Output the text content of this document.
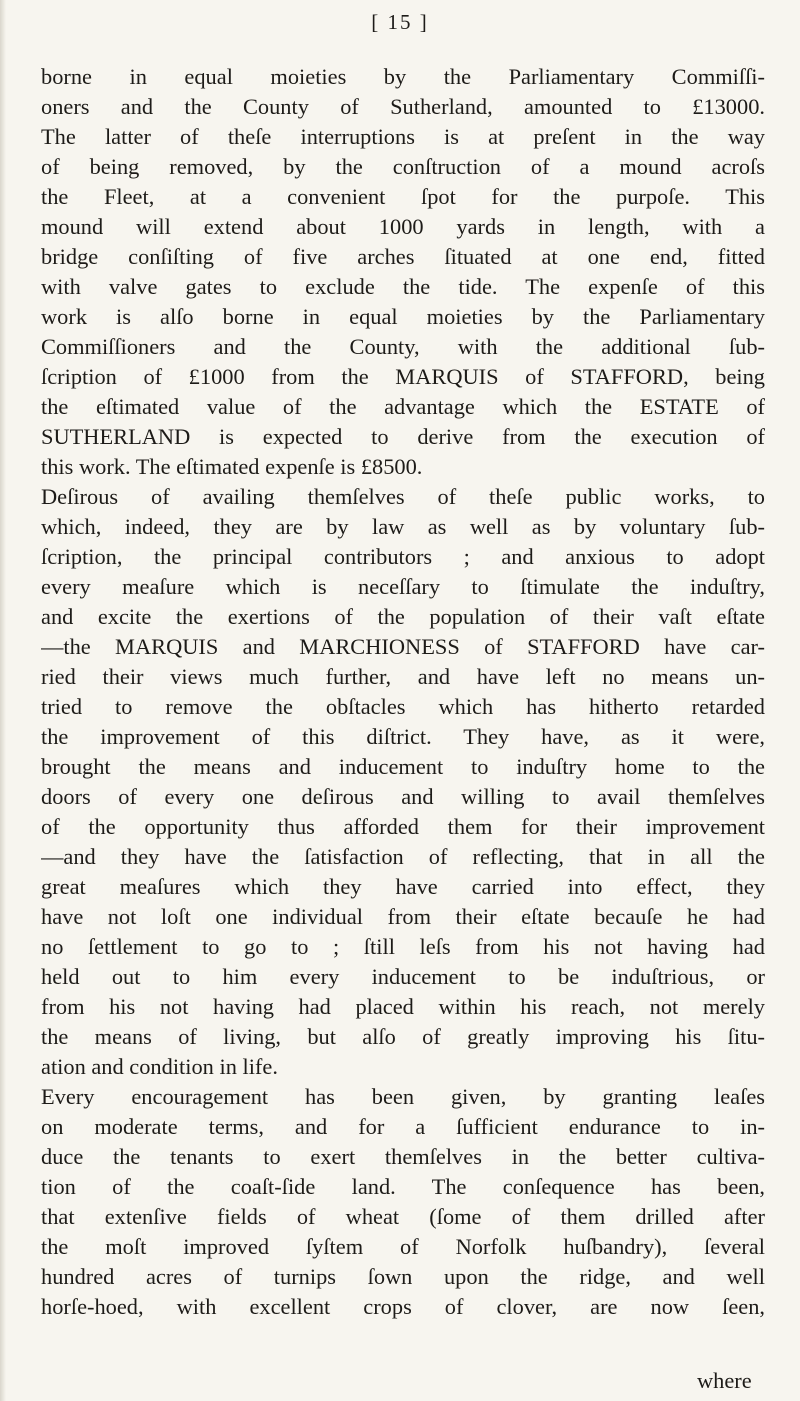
[ 15 ]
borne in equal moieties by the Parliamentary Commiſſi-
oners and the County of Sutherland, amounted to £13000.
The latter of theſe interruptions is at preſent in the way
of being removed, by the conſtruction of a mound acroſs
the Fleet, at a convenient ſpot for the purpoſe. This
mound will extend about 1000 yards in length, with a
bridge conſiſting of five arches ſituated at one end, fitted
with valve gates to exclude the tide. The expenſe of this
work is alſo borne in equal moieties by the Parliamentary
Commiſſioners and the County, with the additional ſub-
ſcription of £1000 from the MARQUIS of STAFFORD, being
the eſtimated value of the advantage which the ESTATE of
SUTHERLAND is expected to derive from the execution of
this work. The eſtimated expenſe is £8500.
Deſirous of availing themſelves of theſe public works, to
which, indeed, they are by law as well as by voluntary ſub-
ſcription, the principal contributors ; and anxious to adopt
every meaſure which is neceſſary to ſtimulate the induſtry,
and excite the exertions of the population of their vaſt eſtate
—the MARQUIS and MARCHIONESS of STAFFORD have car-
ried their views much further, and have left no means un-
tried to remove the obſtacles which has hitherto retarded
the improvement of this diſtrict. They have, as it were,
brought the means and inducement to induſtry home to the
doors of every one deſirous and willing to avail themſelves
of the opportunity thus afforded them for their improvement
—and they have the ſatisfaction of reflecting, that in all the
great meaſures which they have carried into effect, they
have not loſt one individual from their eſtate becauſe he had
no ſettlement to go to ; ſtill leſs from his not having had
held out to him every inducement to be induſtrious, or
from his not having had placed within his reach, not merely
the means of living, but alſo of greatly improving his ſitu-
ation and condition in life.
Every encouragement has been given, by granting leaſes
on moderate terms, and for a ſufficient endurance to in-
duce the tenants to exert themſelves in the better cultiva-
tion of the coaſt-ſide land. The conſequence has been,
that extenſive fields of wheat (ſome of them drilled after
the moſt improved ſyſtem of Norfolk huſbandry), ſeveral
hundred acres of turnips ſown upon the ridge, and well
horſe-hoed, with excellent crops of clover, are now ſeen,
where
